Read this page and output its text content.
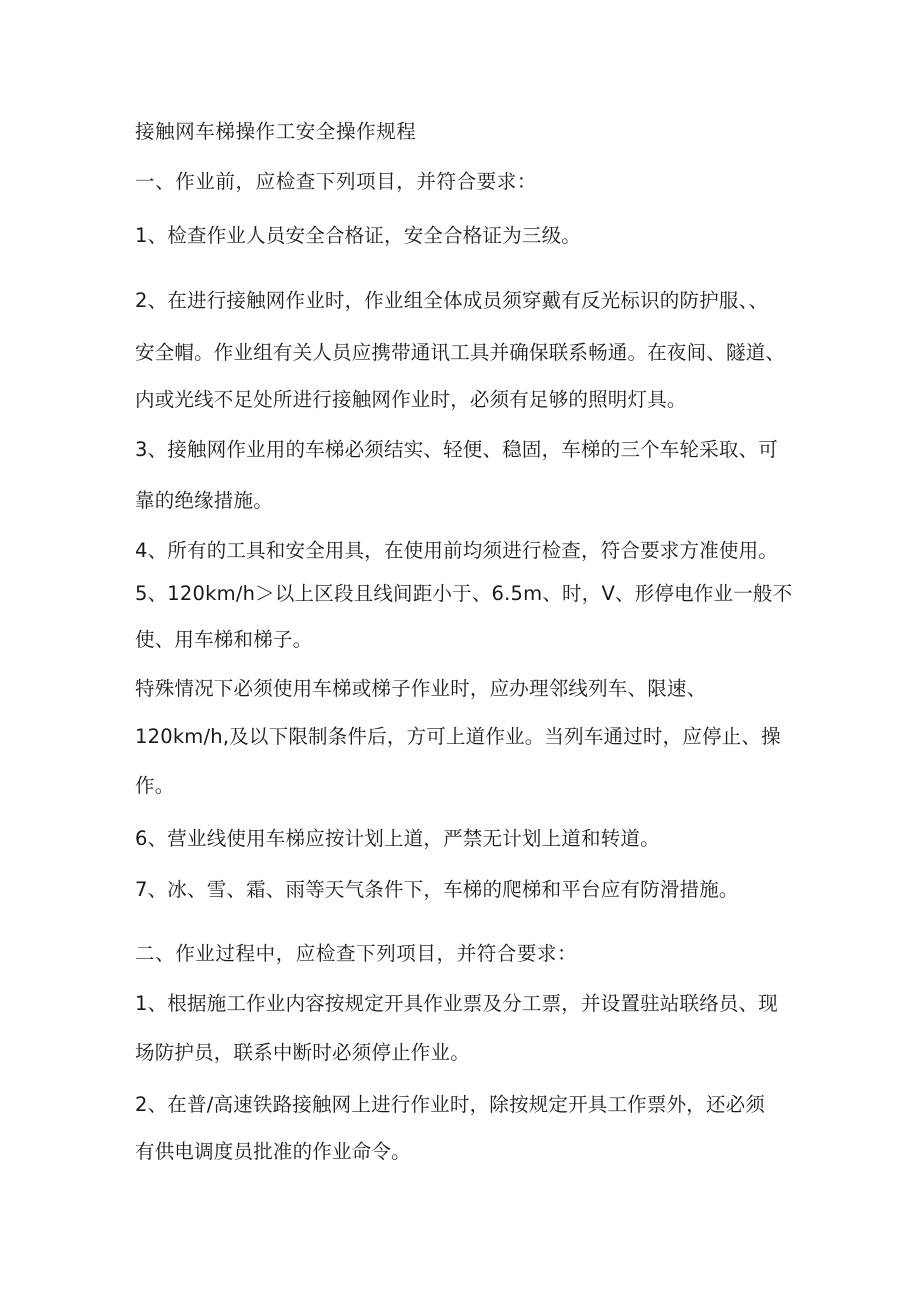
接触网车梯操作工安全操作规程

一、作业前，应检查下列项目，并符合要求：

1、检查作业人员安全合格证，安全合格证为三级。

2、在进行接触网作业时，作业组全体成员须穿戴有反光标识的防护服、、

安全帽。作业组有关人员应携带通讯工具并确保联系畅通。在夜间、隧道、

内或光线不足处所进行接触网作业时，必须有足够的照明灯具。

3、接触网作业用的车梯必须结实、轻便、稳固，车梯的三个车轮采取、可

靠的绝缘措施。

4、所有的工具和安全用具，在使用前均须进行检查，符合要求方准使用。

5、120km∕h＞以上区段且线间距小于、6.5m、时，V、形停电作业一般不

使、用车梯和梯子。

特殊情况下必须使用车梯或梯子作业时，应办理邻线列车、限速、

120km∕h,及以下限制条件后，方可上道作业。当列车通过时，应停止、操

作。

6、营业线使用车梯应按计划上道，严禁无计划上道和转道。

7、冰、雪、霜、雨等天气条件下，车梯的爬梯和平台应有防滑措施。

二、作业过程中，应检查下列项目，并符合要求：

1、根据施工作业内容按规定开具作业票及分工票，并设置驻站联络员、现

场防护员，联系中断时必须停止作业。

2、在普/高速铁路接触网上进行作业时，除按规定开具工作票外，还必须

有供电调度员批准的作业命令。
